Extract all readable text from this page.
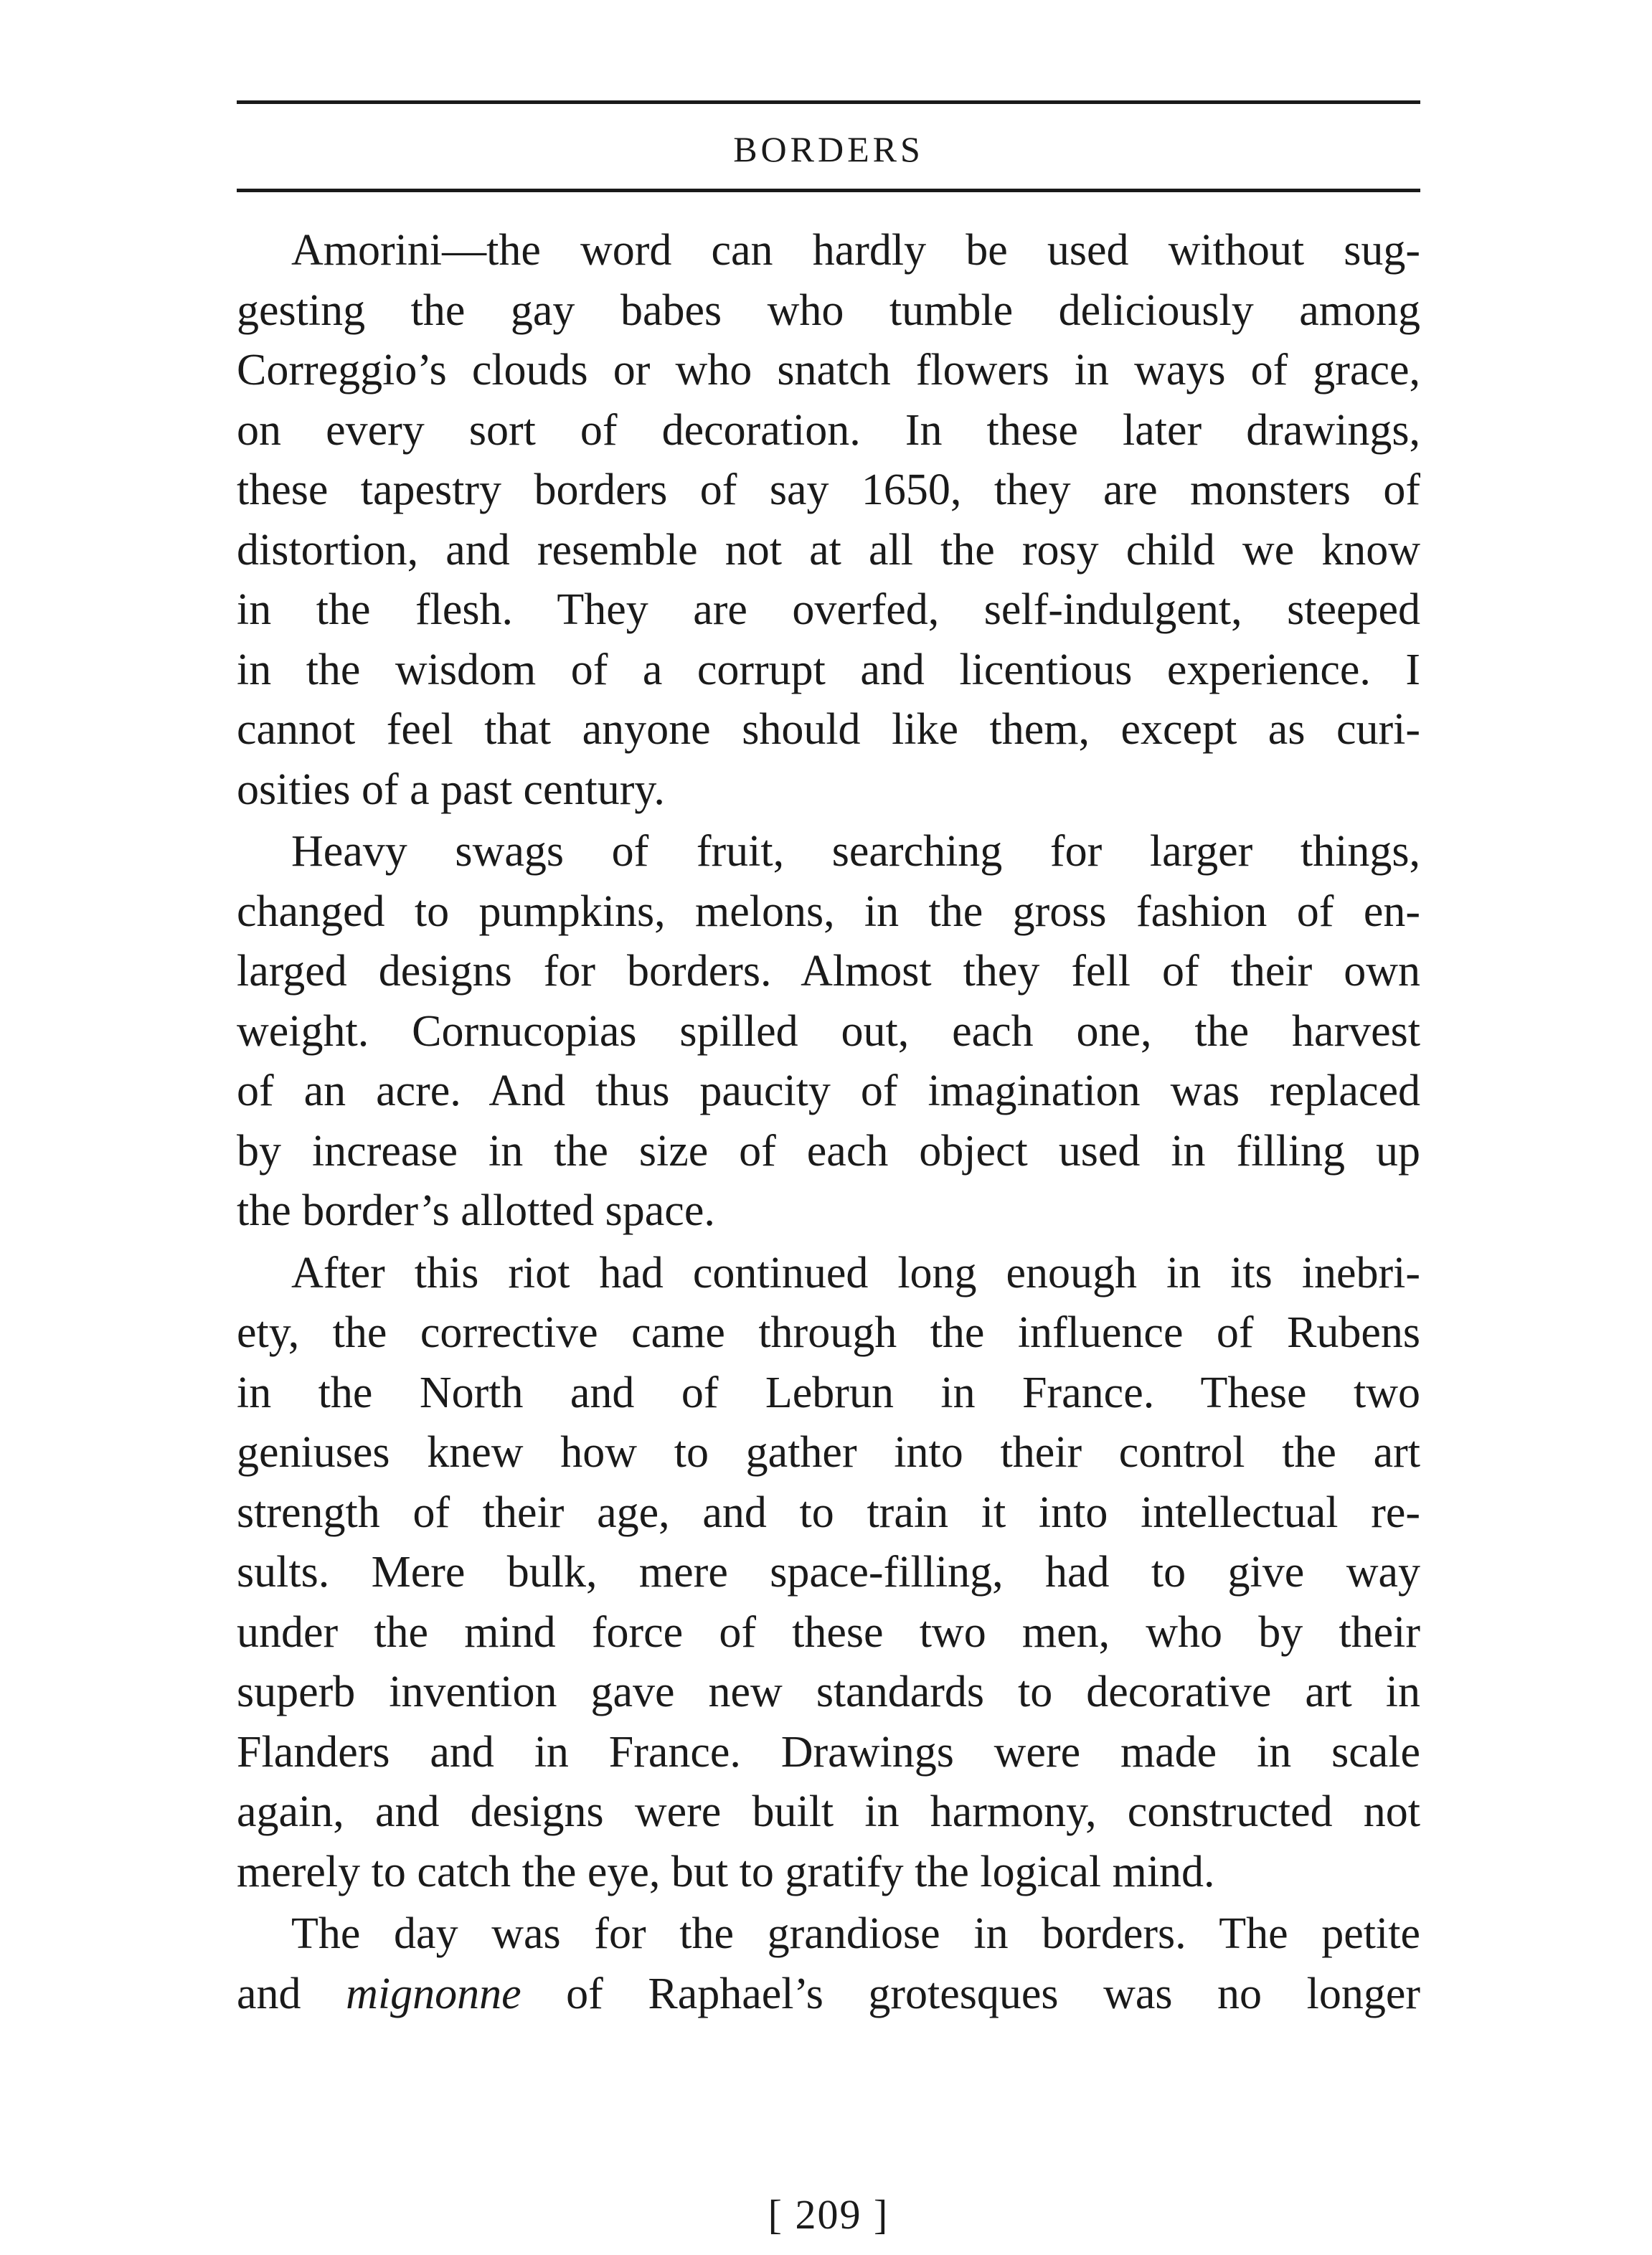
BORDERS

Amorini—the word can hardly be used without sug-
gesting the gay babes who tumble deliciously among
Correggio’s clouds or who snatch flowers in ways of grace,
on every sort of decoration. In these later drawings,
these tapestry borders of say 1650, they are monsters of
distortion, and resemble not at all the rosy child we know
in the flesh. They are overfed, self-indulgent, steeped
in the wisdom of a corrupt and licentious experience. I
cannot feel that anyone should like them, except as curi-
osities of a past century.

Heavy swags of fruit, searching for larger things,
changed to pumpkins, melons, in the gross fashion of en-
larged designs for borders. Almost they fell of their own
weight. Cornucopias spilled out, each one, the harvest
of an acre. And thus paucity of imagination was replaced
by increase in the size of each object used in filling up
the border’s allotted space.

After this riot had continued long enough in its inebri-
ety, the corrective came through the influence of Rubens
in the North and of Lebrun in France. These two
geniuses knew how to gather into their control the art
strength of their age, and to train it into intellectual re-
sults. Mere bulk, mere space-filling, had to give way
under the mind force of these two men, who by their
superb invention gave new standards to decorative art in
Flanders and in France. Drawings were made in scale
again, and designs were built in harmony, constructed not
merely to catch the eye, but to gratify the logical mind.

The day was for the grandiose in borders. The petite
and mignonne of Raphael’s grotesques was no longer

[ 209 ]
